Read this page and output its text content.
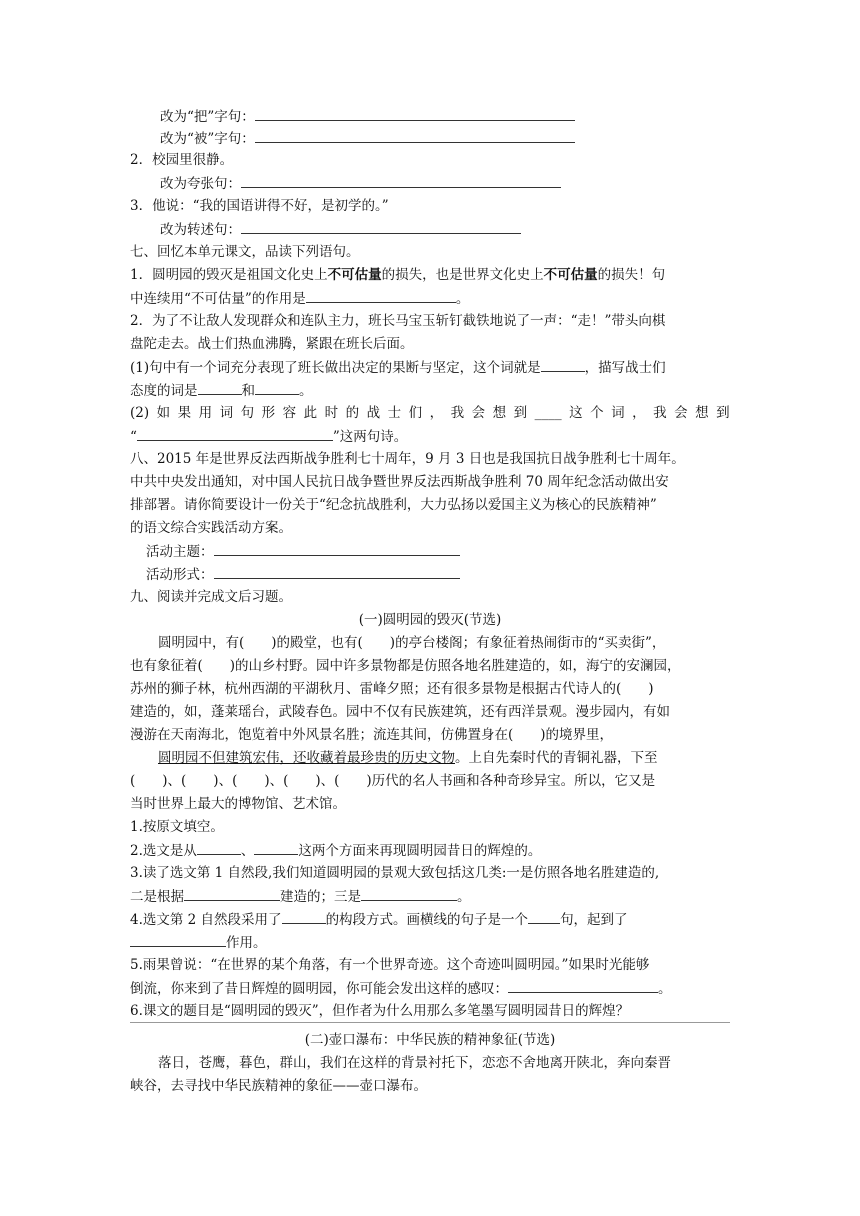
改为“把”字句：
改为“被”字句：
2．校园里很静。
改为夸张句：
3．他说：“我的国语讲得不好，是初学的。”
改为转述句：
七、回忆本单元课文，品读下列语句。
1．圆明园的毁灭是祖国文化史上不可估量的损失，也是世界文化史上不可估量的损失！句
中连续用“不可估量”的作用是	。
2．为了不让敌人发现群众和连队主力，班长马宝玉斩钉截铁地说了一声：“走！”带头向棋
盘陀走去。战士们热血沸腾，紧跟在班长后面。
(1)句中有一个词充分表现了班长做出决定的果断与坚定，这个词就是	，描写战士们
态度的词是	和	。
(2) 如 果 用 词 句 形 容 此 时 的 战 士 们 ， 我 会 想 到 ____ 这 个 词 ， 我 会 想 到
“	”这两句诗。
八、2015 年是世界反法西斯战争胜利七十周年，9 月 3 日也是我国抗日战争胜利七十周年。
中共中央发出通知，对中国人民抗日战争暨世界反法西斯战争胜利 70 周年纪念活动做出安
排部署。请你简要设计一份关于“纪念抗战胜利，大力弘扬以爱国主义为核心的民族精神”
的语文综合实践活动方案。
活动主题：
活动形式：
九、阅读并完成文后习题。
(一)圆明园的毁灭(节选)
圆明园中，有(　　)的殿堂，也有(　　)的亭台楼阁；有象征着热闹街市的“买卖街”，
也有象征着(　　)的山乡村野。园中许多景物都是仿照各地名胜建造的，如，海宁的安澜园，
苏州的狮子林，杭州西湖的平湖秋月、雷峰夕照；还有很多景物是根据古代诗人的(　　)
建造的，如，蓬莱瑶台，武陵春色。园中不仅有民族建筑，还有西洋景观。漫步园内，有如
漫游在天南海北，饱览着中外风景名胜；流连其间，仿佛置身在(　　)的境界里，
圆明园不但建筑宏伟，还收藏着最珍贵的历史文物。上自先秦时代的青铜礼器，下至
(　　)、(　　)、(　　)、(　　)、(　　)历代的名人书画和各种奇珍异宝。所以，它又是
当时世界上最大的博物馆、艺术馆。
1.按原文填空。
2.选文是从	、	这两个方面来再现圆明园昔日的辉煌的。
3.读了选文第 1 自然段,我们知道圆明园的景观大致包括这几类:一是仿照各地名胜建造的,
二是根据	建造的；三是	。
4.选文第 2 自然段采用了	的构段方式。画横线的句子是一个 句，起到了
作用。
5.雨果曾说：“在世界的某个角落，有一个世界奇迹。这个奇迹叫圆明园。”如果时光能够
倒流，你来到了昔日辉煌的圆明园，你可能会发出这样的感叹：	。
6.课文的题目是“圆明园的毁灭”，但作者为什么用那么多笔墨写圆明园昔日的辉煌？
(二)壶口瀑布：中华民族的精神象征(节选)
落日，苍鹰，暮色，群山，我们在这样的背景衬托下，恋恋不舍地离开陕北，奔向秦晋
峡谷，去寻找中华民族精神的象征——壶口瀑布。
